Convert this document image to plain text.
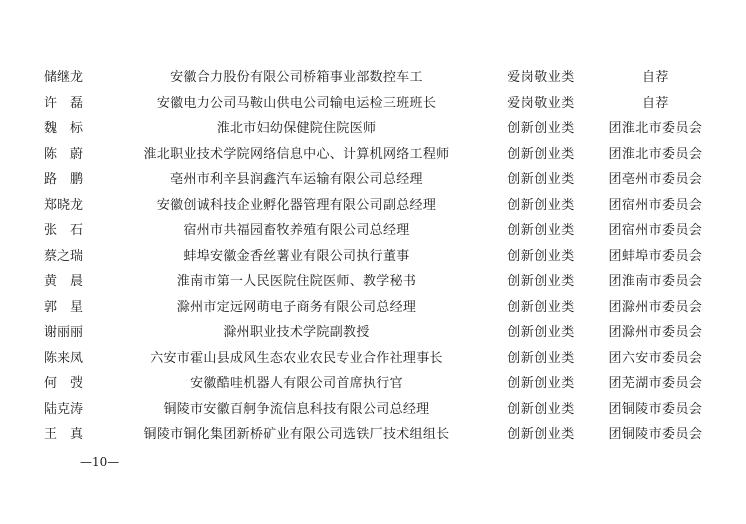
储继龙	安徽合力股份有限公司桥箱事业部数控车工	爱岗敬业类	自荐
许　磊	安徽电力公司马鞍山供电公司输电运检三班班长	爱岗敬业类	自荐
魏　标	淮北市妇幼保健院住院医师	创新创业类	团淮北市委员会
陈　蔚	淮北职业技术学院网络信息中心、计算机网络工程师	创新创业类	团淮北市委员会
路　鹏	亳州市利辛县润鑫汽车运输有限公司总经理	创新创业类	团亳州市委员会
郑晓龙	安徽创诚科技企业孵化器管理有限公司副总经理	创新创业类	团宿州市委员会
张　石	宿州市共福园畜牧养殖有限公司总经理	创新创业类	团宿州市委员会
蔡之瑞	蚌埠安徽金香丝薯业有限公司执行董事	创新创业类	团蚌埠市委员会
黄　晨	淮南市第一人民医院住院医师、教学秘书	创新创业类	团淮南市委员会
郭　星	滁州市定远网萌电子商务有限公司总经理	创新创业类	团滁州市委员会
谢丽丽	滁州职业技术学院副教授	创新创业类	团滁州市委员会
陈来凤	六安市霍山县成风生态农业农民专业合作社理事长	创新创业类	团六安市委员会
何　弢	安徽酷哇机器人有限公司首席执行官	创新创业类	团芜湖市委员会
陆克涛	铜陵市安徽百舸争流信息科技有限公司总经理	创新创业类	团铜陵市委员会
王　真	铜陵市铜化集团新桥矿业有限公司选铁厂技术组组长	创新创业类	团铜陵市委员会
—10—
